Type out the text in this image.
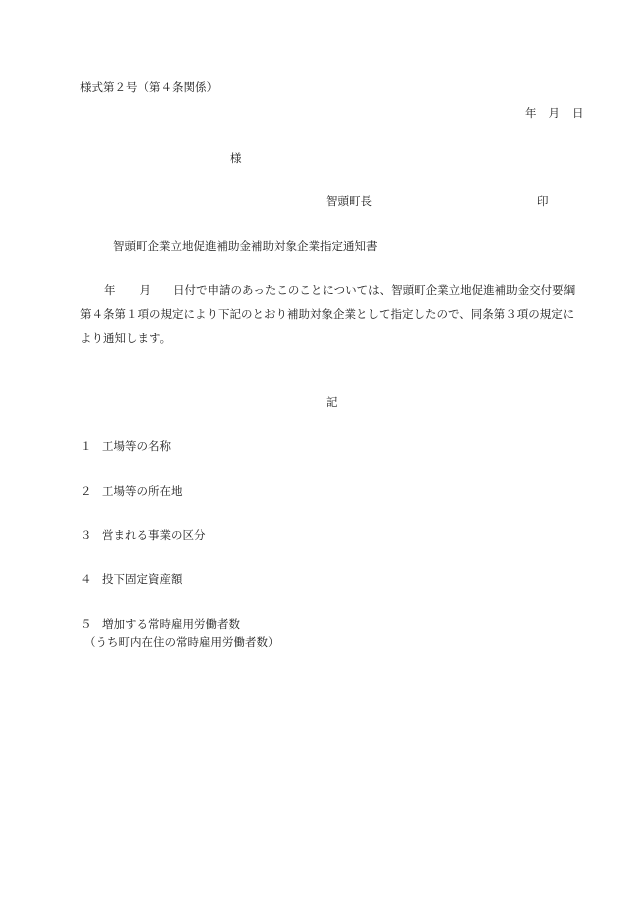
様式第２号（第４条関係）
年 月 日
様
智頭町長	印
智頭町企業立地促進補助金補助対象企業指定通知書
年 月 日付で申請のあったこのことについては、智頭町企業立地促進補助金交付要綱
第４条第１項の規定により下記のとおり補助対象企業として指定したので、同条第３項の規定に
より通知します。
記
１ 工場等の名称
２ 工場等の所在地
３ 営まれる事業の区分
４ 投下固定資産額
５ 増加する常時雇用労働者数
（うち町内在住の常時雇用労働者数）
